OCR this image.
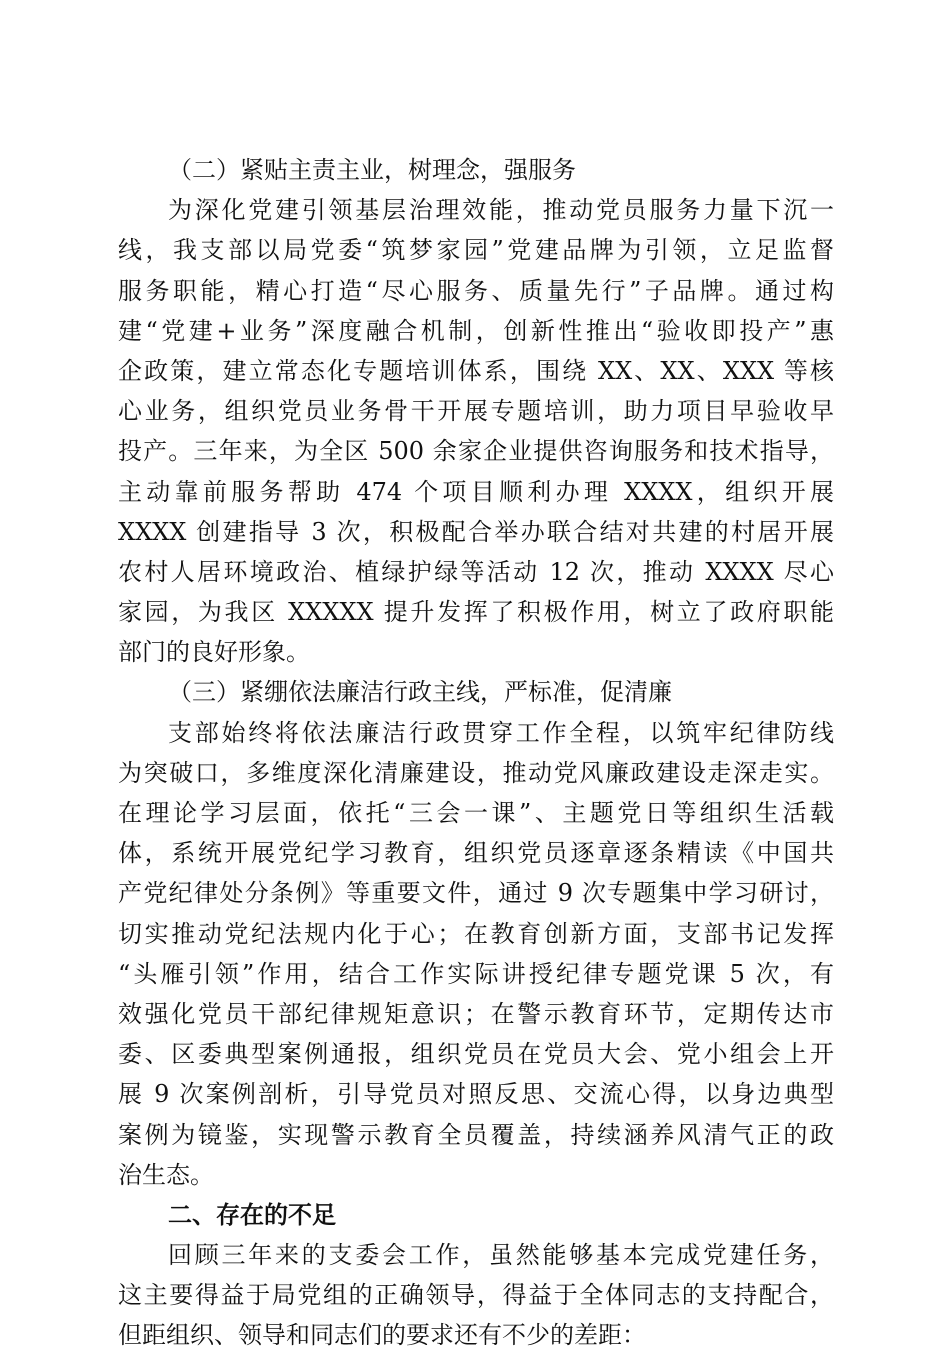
（二）紧贴主责主业，树理念，强服务
为深化党建引领基层治理效能，推动党员服务力量下沉一
线，我支部以局党委“筑梦家园”党建品牌为引领，立足监督
服务职能，精心打造“尽心服务、质量先行”子品牌。通过构
建“党建+业务”深度融合机制，创新性推出“验收即投产”惠
企政策，建立常态化专题培训体系，围绕 XX、XX、XXX 等核
心业务，组织党员业务骨干开展专题培训，助力项目早验收早
投产。三年来，为全区 500 余家企业提供咨询服务和技术指导，
主动靠前服务帮助 474 个项目顺利办理 XXXX，组织开展
XXXX 创建指导 3 次，积极配合举办联合结对共建的村居开展
农村人居环境政治、植绿护绿等活动 12 次，推动 XXXX 尽心
家园，为我区 XXXXX 提升发挥了积极作用，树立了政府职能
部门的良好形象。
（三）紧绷依法廉洁行政主线，严标准，促清廉
支部始终将依法廉洁行政贯穿工作全程，以筑牢纪律防线
为突破口，多维度深化清廉建设，推动党风廉政建设走深走实。
在理论学习层面，依托“三会一课”、主题党日等组织生活载
体，系统开展党纪学习教育，组织党员逐章逐条精读《中国共
产党纪律处分条例》等重要文件，通过 9 次专题集中学习研讨，
切实推动党纪法规内化于心；在教育创新方面，支部书记发挥
“头雁引领”作用，结合工作实际讲授纪律专题党课 5 次，有
效强化党员干部纪律规矩意识；在警示教育环节，定期传达市
委、区委典型案例通报，组织党员在党员大会、党小组会上开
展 9 次案例剖析，引导党员对照反思、交流心得，以身边典型
案例为镜鉴，实现警示教育全员覆盖，持续涵养风清气正的政
治生态。
二、存在的不足
回顾三年来的支委会工作，虽然能够基本完成党建任务，
这主要得益于局党组的正确领导，得益于全体同志的支持配合，
但距组织、领导和同志们的要求还有不少的差距：
